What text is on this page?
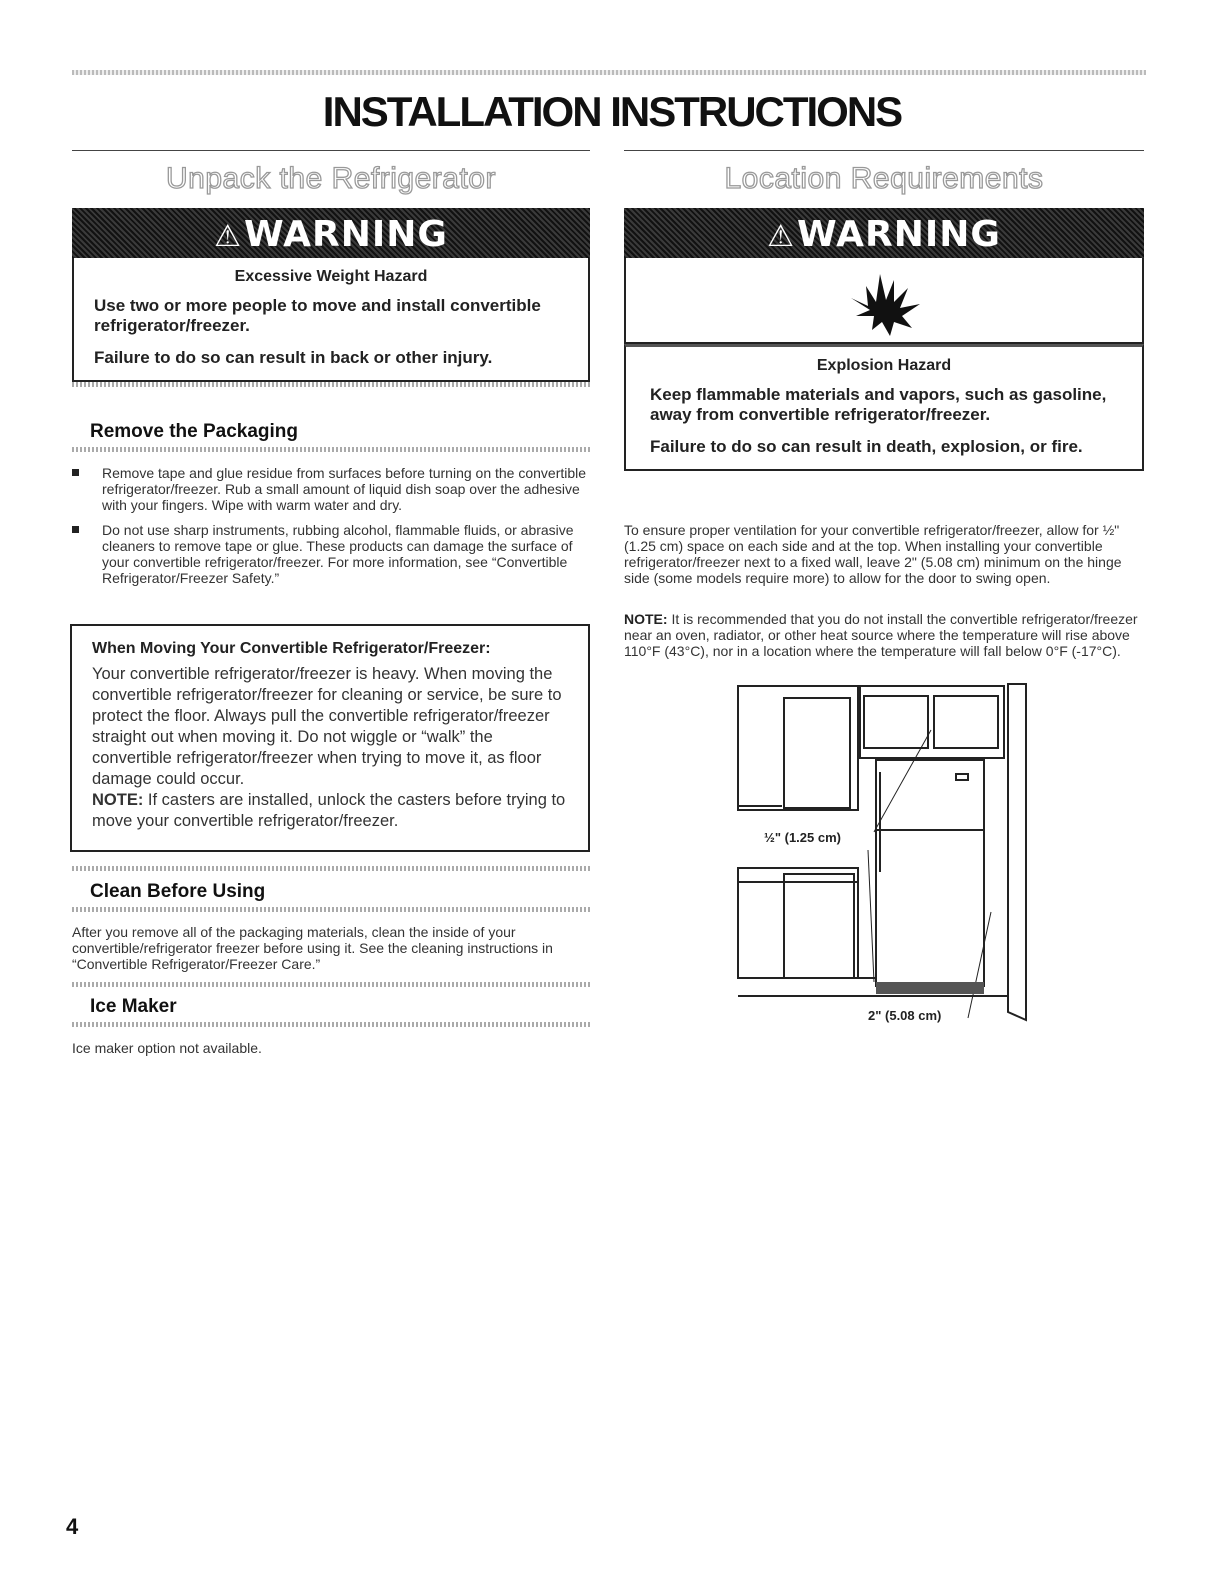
INSTALLATION INSTRUCTIONS
Unpack the Refrigerator
⚠WARNING
Excessive Weight Hazard
Use two or more people to move and install convertible refrigerator/freezer.
Failure to do so can result in back or other injury.
Remove the Packaging
Remove tape and glue residue from surfaces before turning on the convertible refrigerator/freezer. Rub a small amount of liquid dish soap over the adhesive with your fingers. Wipe with warm water and dry.
Do not use sharp instruments, rubbing alcohol, flammable fluids, or abrasive cleaners to remove tape or glue. These products can damage the surface of your convertible refrigerator/freezer. For more information, see “Convertible Refrigerator/Freezer Safety.”
When Moving Your Convertible Refrigerator/Freezer:
Your convertible refrigerator/freezer is heavy. When moving the convertible refrigerator/freezer for cleaning or service, be sure to protect the floor. Always pull the convertible refrigerator/freezer straight out when moving it. Do not wiggle or “walk” the convertible refrigerator/freezer when trying to move it, as floor damage could occur.
NOTE: If casters are installed, unlock the casters before trying to move your convertible refrigerator/freezer.
Clean Before Using
After you remove all of the packaging materials, clean the inside of your convertible/refrigerator freezer before using it. See the cleaning instructions in “Convertible Refrigerator/Freezer Care.”
Ice Maker
Ice maker option not available.
Location Requirements
⚠WARNING
Explosion Hazard
Keep flammable materials and vapors, such as gasoline, away from convertible refrigerator/freezer.
Failure to do so can result in death, explosion, or fire.
To ensure proper ventilation for your convertible refrigerator/freezer, allow for ½" (1.25 cm) space on each side and at the top. When installing your convertible refrigerator/freezer next to a fixed wall, leave 2" (5.08 cm) minimum on the hinge side (some models require more) to allow for the door to swing open.
NOTE: It is recommended that you do not install the convertible refrigerator/freezer near an oven, radiator, or other heat source where the temperature will rise above 110°F (43°C), nor in a location where the temperature will fall below 0°F (-17°C).
½" (1.25 cm)
2" (5.08 cm)
4
